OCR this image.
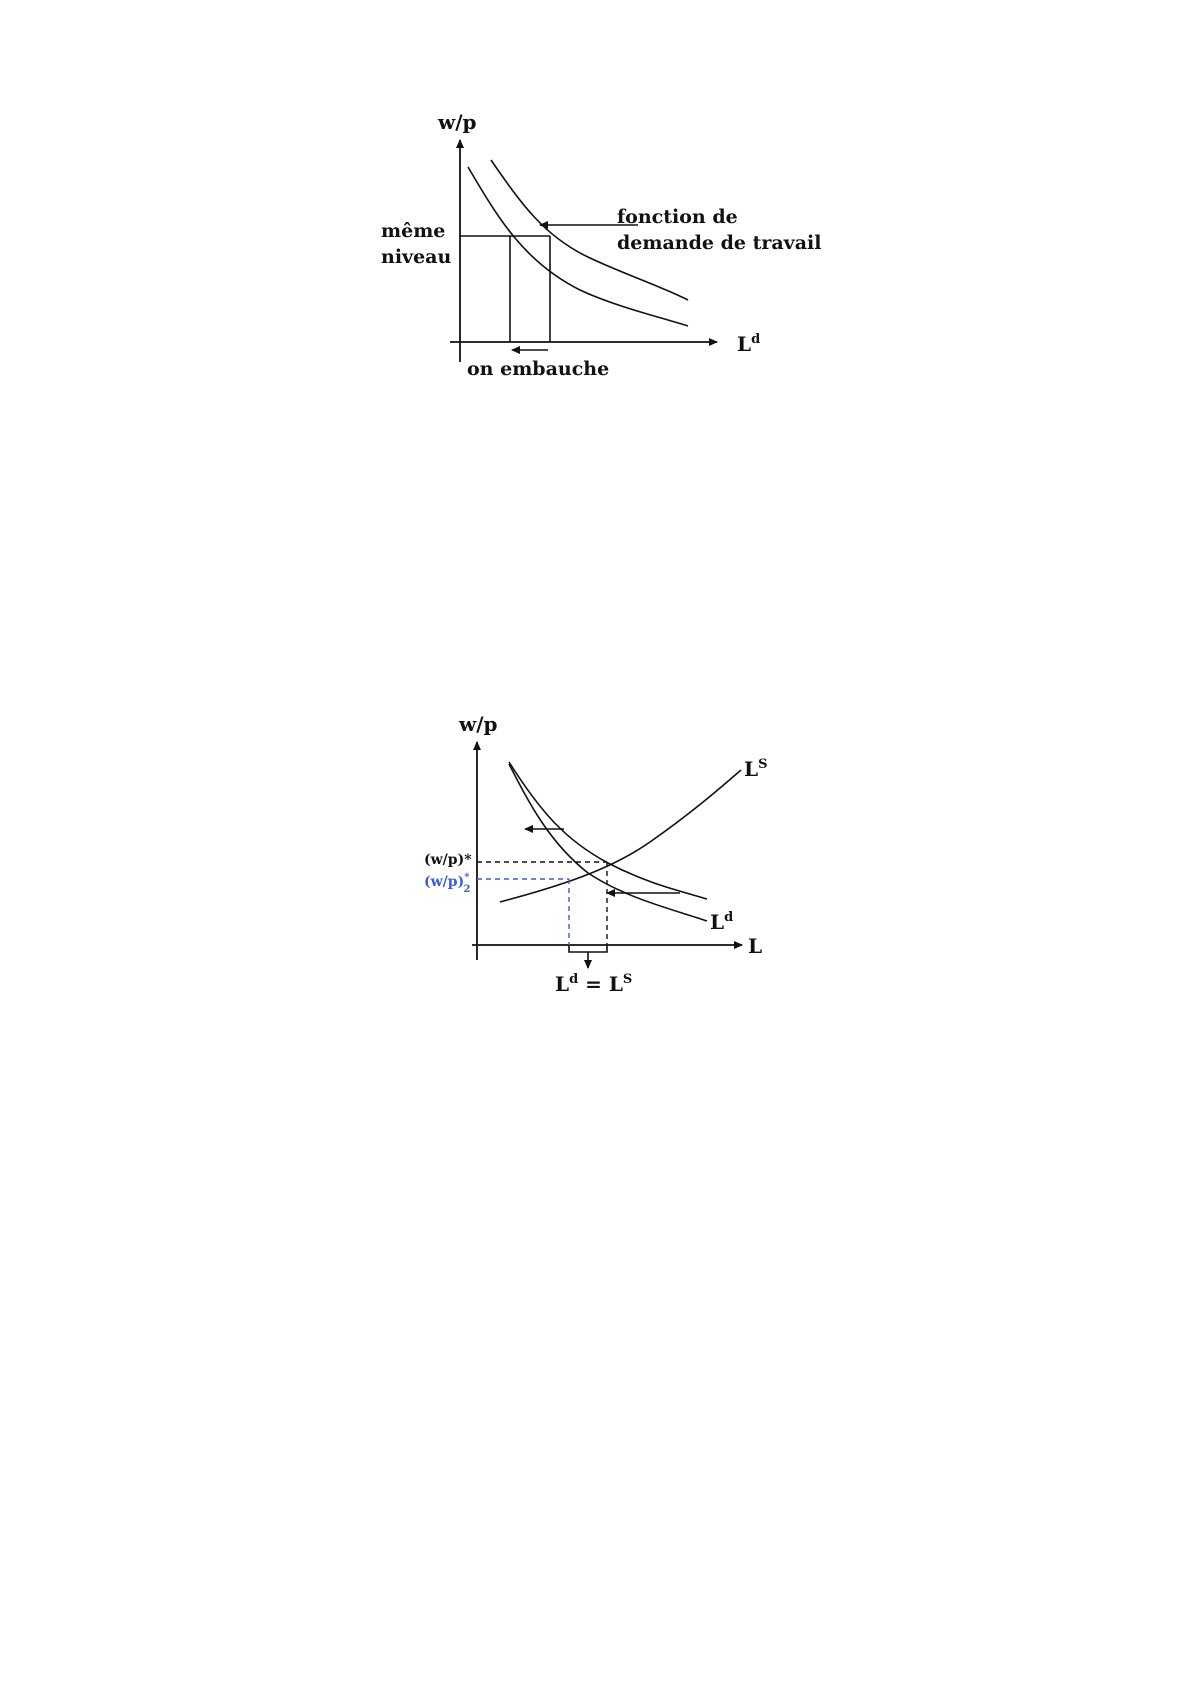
w/p
$L^d$
même
niveau
fonction de
demande de travail
on embauche
w/p
L
$L^S$
$L^d$
(w/p)*
(w/p)* 2
$L^d = L^S$
